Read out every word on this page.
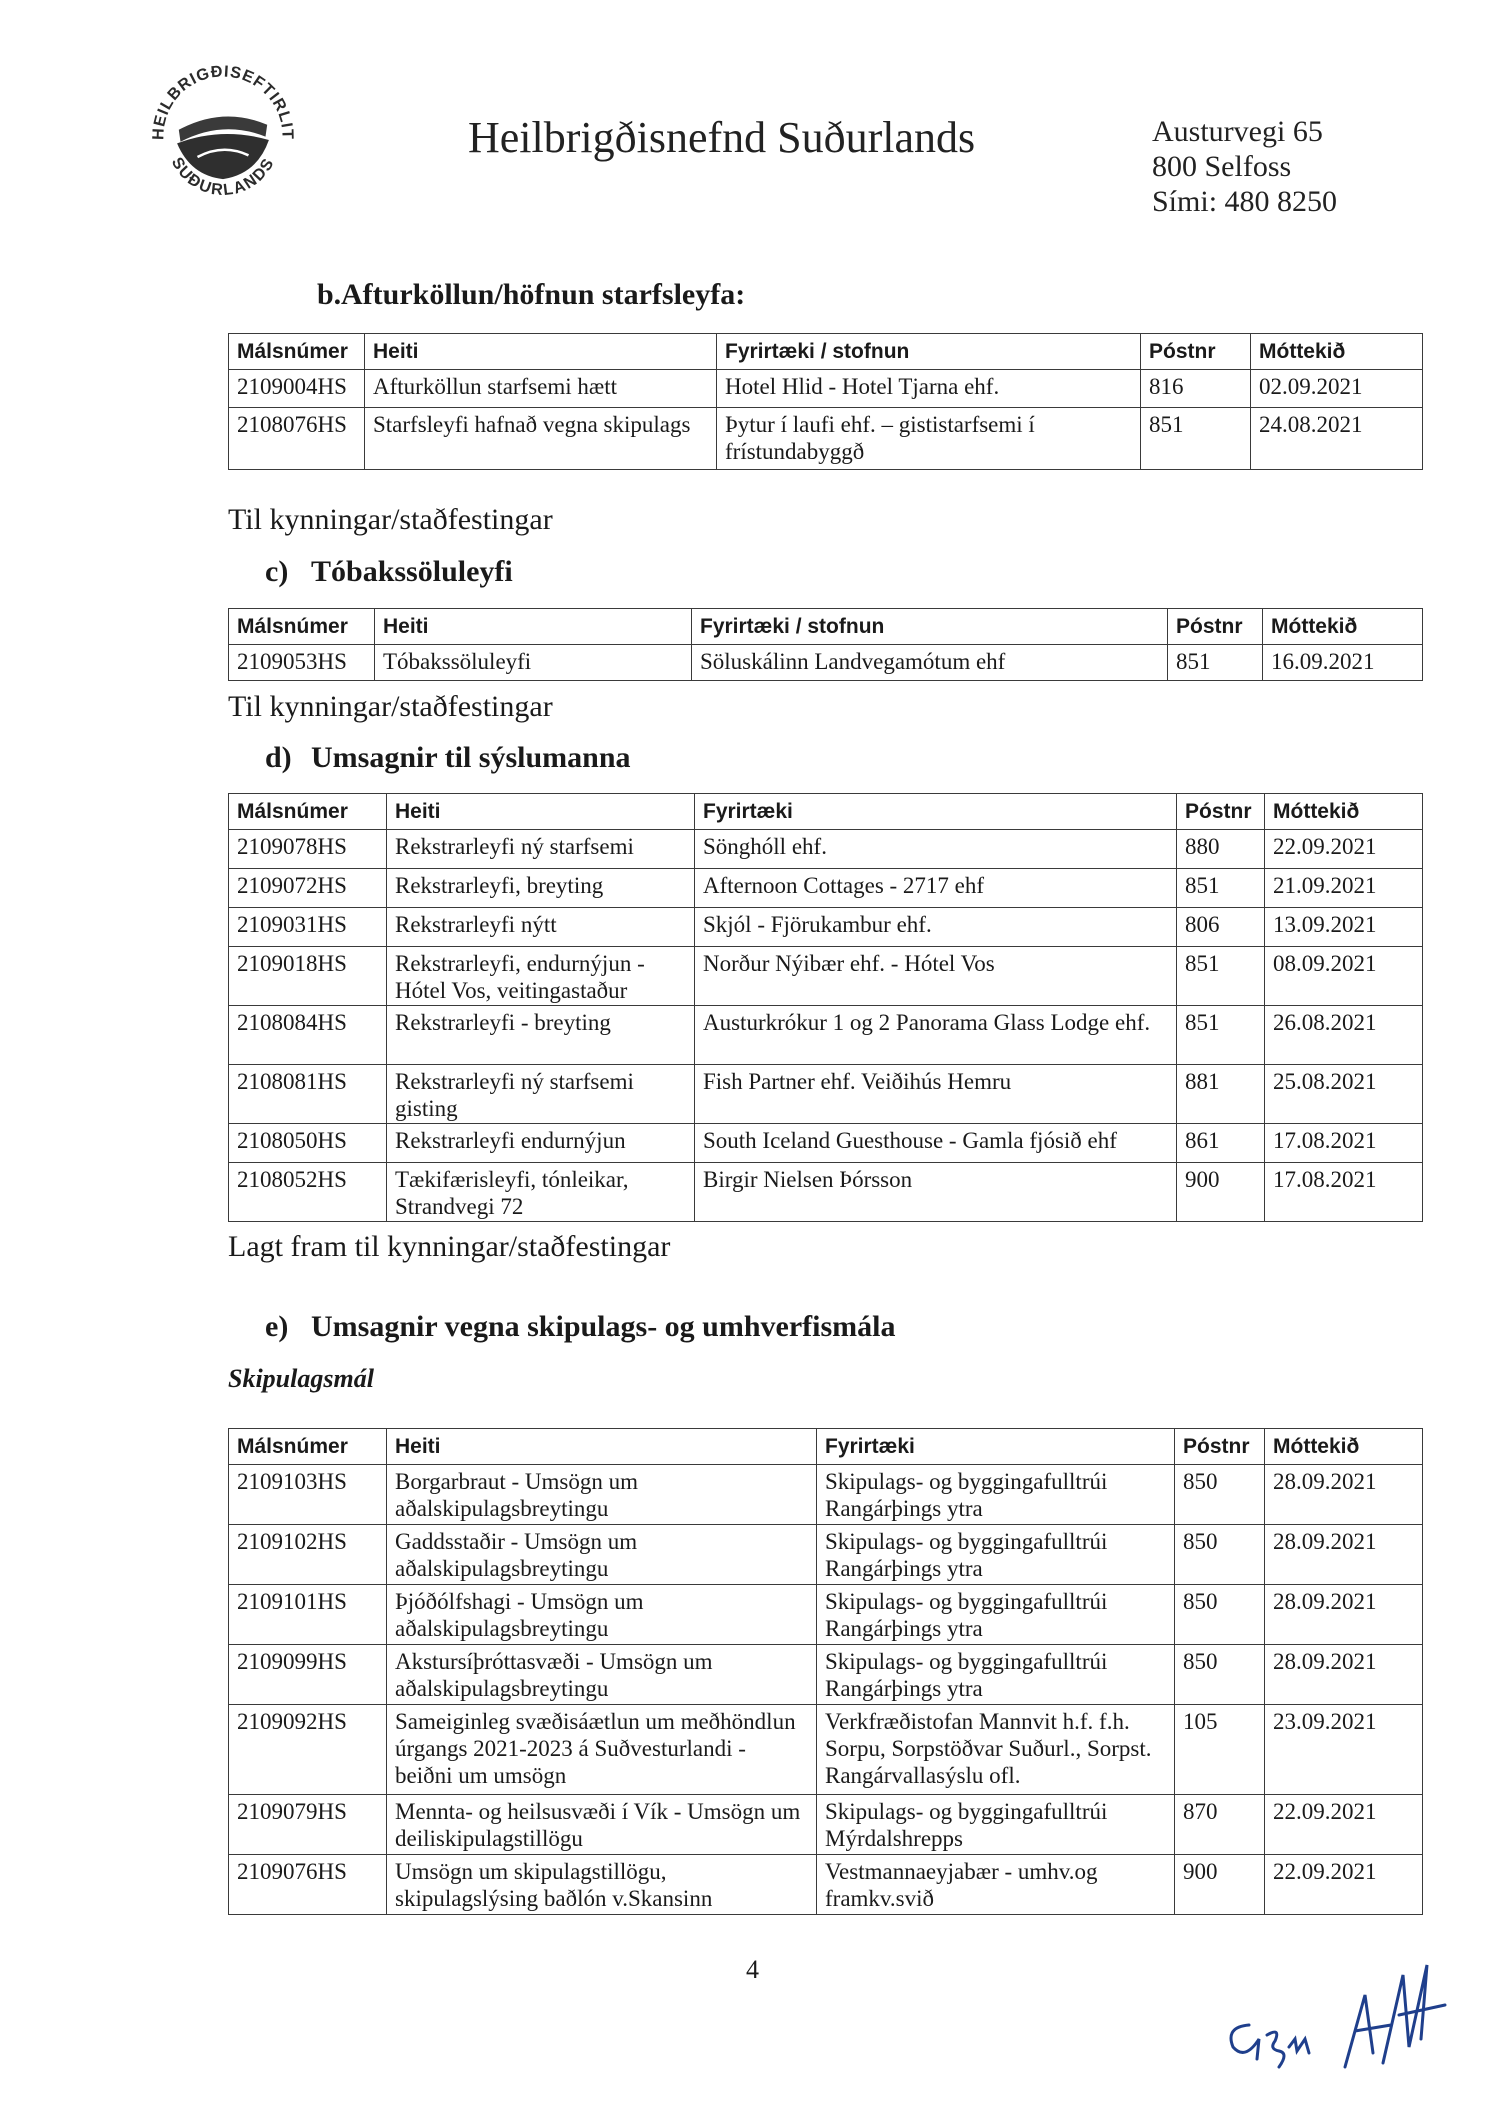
HEILBRIGÐISEFTIRLIT
SUÐURLANDS
Heilbrigðisnefnd Suðurlands	Austurvegi 65
800 Selfoss
Sími: 480 8250
b.Afturköllun/höfnun starfsleyfa:
Málsnúmer	Heiti	Fyrirtæki / stofnun	Póstnr	Móttekið
2109004HS	Afturköllun starfsemi hætt	Hotel Hlid - Hotel Tjarna ehf.	816	02.09.2021
2108076HS	Starfsleyfi hafnað vegna skipulags	Þytur í laufi ehf. – gististarfsemi í frístundabyggð	851	24.08.2021
Til kynningar/staðfestingar
c) Tóbakssöluleyfi
Málsnúmer	Heiti	Fyrirtæki / stofnun	Póstnr	Móttekið
2109053HS	Tóbakssöluleyfi	Söluskálinn Landvegamótum ehf	851	16.09.2021
Til kynningar/staðfestingar
d) Umsagnir til sýslumanna
Málsnúmer	Heiti	Fyrirtæki	Póstnr	Móttekið
2109078HS	Rekstrarleyfi ný starfsemi	Sönghóll ehf.	880	22.09.2021
2109072HS	Rekstrarleyfi, breyting	Afternoon Cottages - 2717 ehf	851	21.09.2021
2109031HS	Rekstrarleyfi nýtt	Skjól - Fjörukambur ehf.	806	13.09.2021
2109018HS	Rekstrarleyfi, endurnýjun - Hótel Vos, veitingastaður	Norður Nýibær ehf. - Hótel Vos	851	08.09.2021
2108084HS	Rekstrarleyfi - breyting	Austurkrókur 1 og 2 Panorama Glass Lodge ehf.	851	26.08.2021
2108081HS	Rekstrarleyfi ný starfsemi gisting	Fish Partner ehf. Veiðihús Hemru	881	25.08.2021
2108050HS	Rekstrarleyfi endurnýjun	South Iceland Guesthouse - Gamla fjósið ehf	861	17.08.2021
2108052HS	Tækifærisleyfi, tónleikar, Strandvegi 72	Birgir Nielsen Þórsson	900	17.08.2021
Lagt fram til kynningar/staðfestingar
e) Umsagnir vegna skipulags- og umhverfismála
Skipulagsmál
Málsnúmer	Heiti	Fyrirtæki	Póstnr	Móttekið
2109103HS	Borgarbraut - Umsögn um aðalskipulagsbreytingu	Skipulags- og byggingafulltrúi Rangárþings ytra	850	28.09.2021
2109102HS	Gaddsstaðir - Umsögn um aðalskipulagsbreytingu	Skipulags- og byggingafulltrúi Rangárþings ytra	850	28.09.2021
2109101HS	Þjóðólfshagi - Umsögn um aðalskipulagsbreytingu	Skipulags- og byggingafulltrúi Rangárþings ytra	850	28.09.2021
2109099HS	Akstursíþróttasvæði - Umsögn um aðalskipulagsbreytingu	Skipulags- og byggingafulltrúi Rangárþings ytra	850	28.09.2021
2109092HS	Sameiginleg svæðisáætlun um meðhöndlun úrgangs 2021-2023 á Suðvesturlandi - beiðni um umsögn	Verkfræðistofan Mannvit h.f. f.h. Sorpu, Sorpstöðvar Suðurl., Sorpst. Rangárvallasýslu ofl.	105	23.09.2021
2109079HS	Mennta- og heilsusvæði í Vík - Umsögn um deiliskipulagstillögu	Skipulags- og byggingafulltrúi Mýrdalshrepps	870	22.09.2021
2109076HS	Umsögn um skipulagstillögu, skipulagslýsing baðlón v.Skansinn	Vestmannaeyjabær - umhv.og framkv.svið	900	22.09.2021
4
